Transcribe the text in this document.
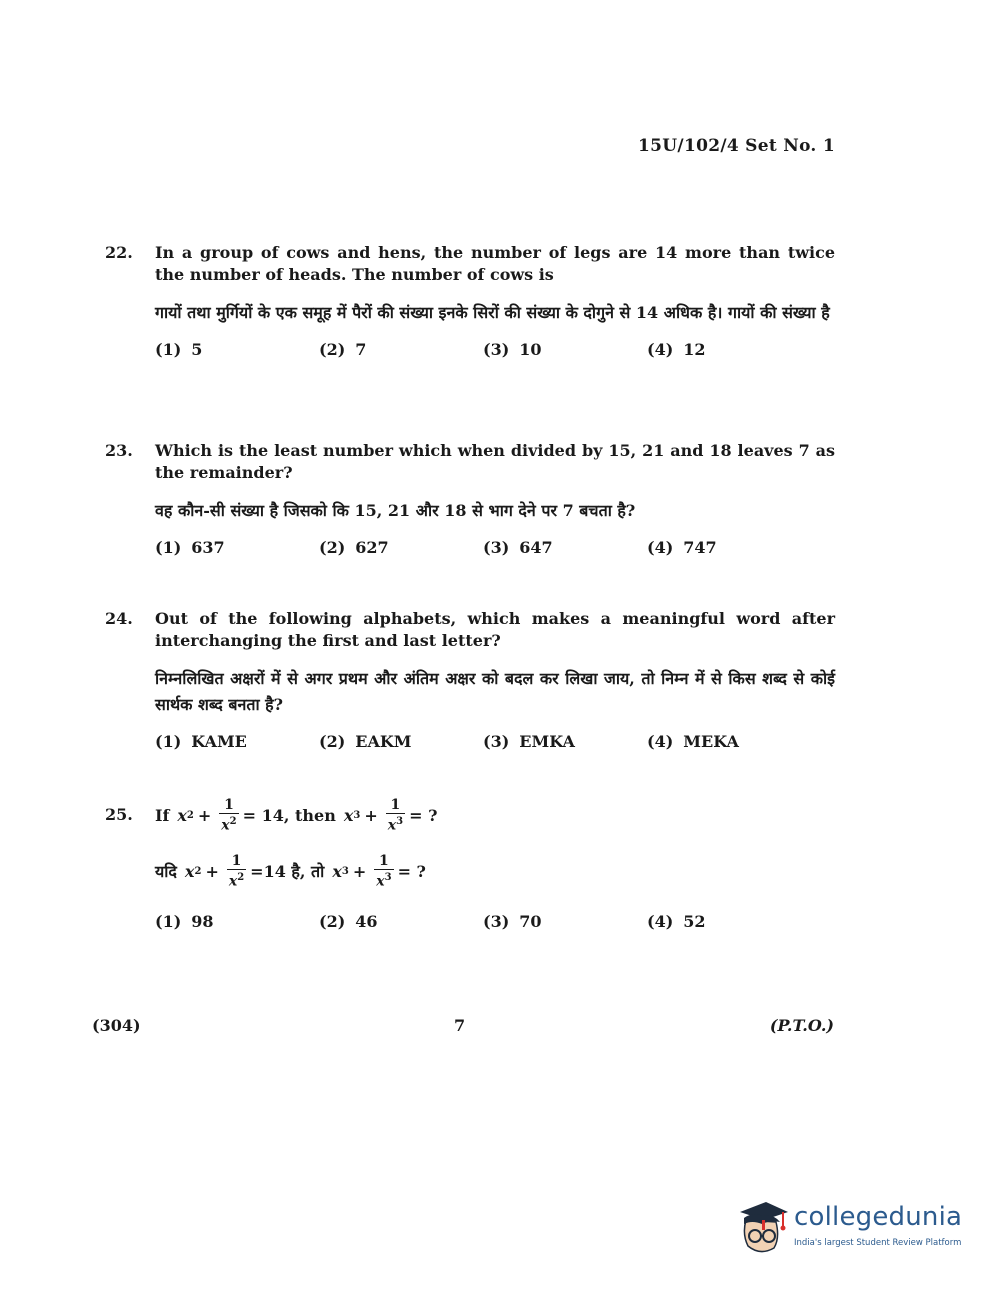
15U/102/4 Set No. 1
22.	In a group of cows and hens, the number of legs are 14 more than twice the number of heads. The number of cows is
गायों तथा मुर्गियों के एक समूह में पैरों की संख्या इनके सिरों की संख्या के दोगुने से 14 अधिक है। गायों की संख्या है
(1) 5	(2) 7	(3) 10	(4) 12
23.	Which is the least number which when divided by 15, 21 and 18 leaves 7 as the remainder?
वह कौन-सी संख्या है जिसको कि 15, 21 और 18 से भाग देने पर 7 बचता है?
(1) 637	(2) 627	(3) 647	(4) 747
24.	Out of the following alphabets, which makes a meaningful word after interchanging the first and last letter?
निम्नलिखित अक्षरों में से अगर प्रथम और अंतिम अक्षर को बदल कर लिखा जाय, तो निम्न में से किस शब्द से कोई सार्थक शब्द बनता है?
(1) KAME	(2) EAKM	(3) EMKA	(4) MEKA
25.	If x $2 + \frac{1}{x^2} = 14$, then x $3 + \frac{1}{x^3}$ = ?
यदि x $2 + \frac{1}{x^2} =14$ है, तो x $3 + \frac{1}{x^3}$ = ?
(1) 98	(2) 46	(3) 70	(4) 52
(304)	7	(P.T.O.)
collegedunia
India's largest Student Review Platform
